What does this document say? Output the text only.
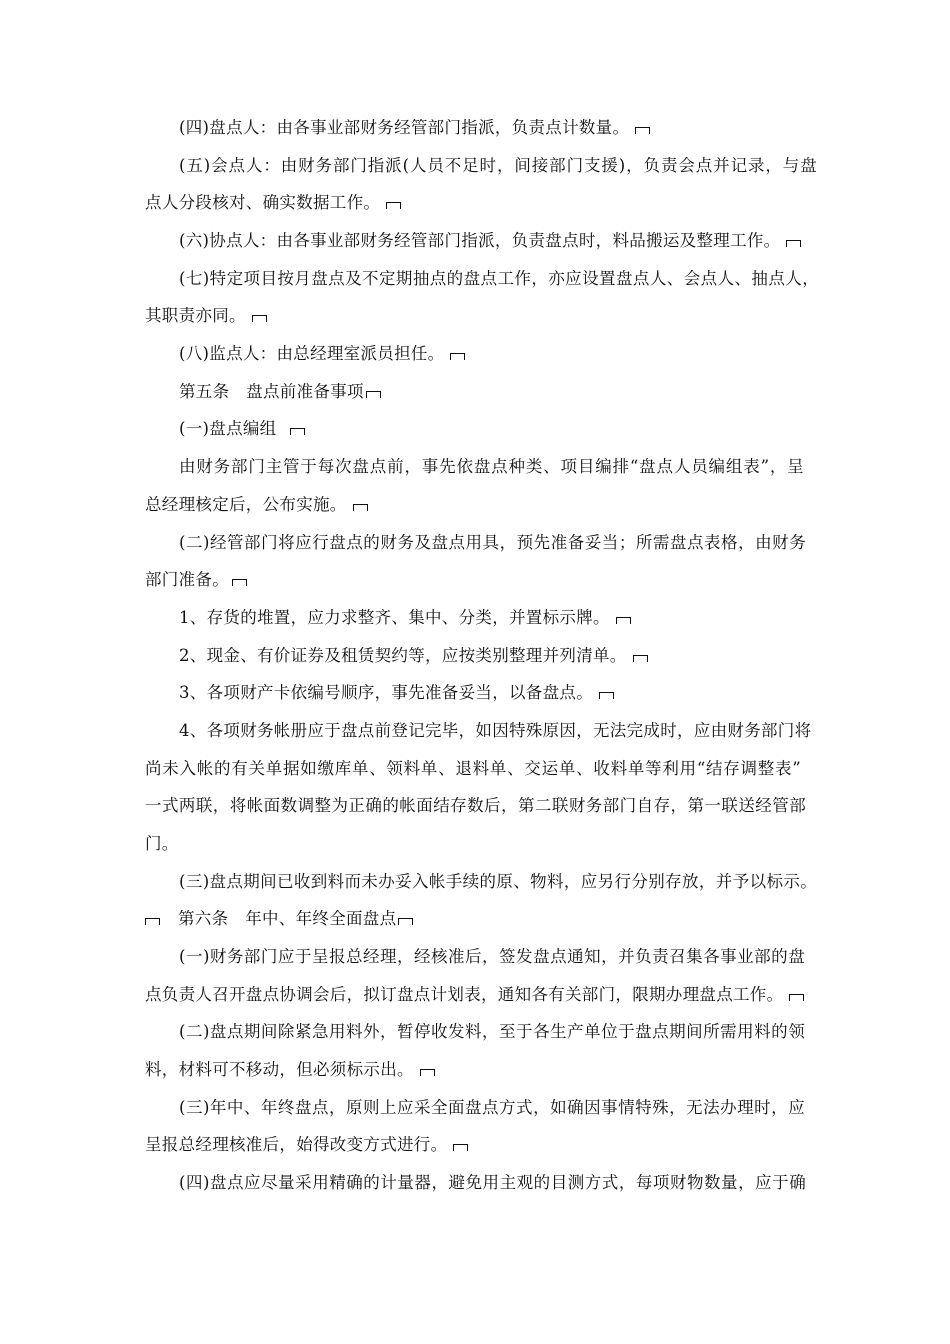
(四)盘点人：由各事业部财务经管部门指派，负责点计数量。
(五)会点人：由财务部门指派(人员不足时，间接部门支援)，负责会点并记录，与盘
点人分段核对、确实数据工作。
(六)协点人：由各事业部财务经管部门指派，负责盘点时，料品搬运及整理工作。
(七)特定项目按月盘点及不定期抽点的盘点工作，亦应设置盘点人、会点人、抽点人，
其职责亦同。
(八)监点人：由总经理室派员担任。
第五条　盘点前准备事项
(一)盘点编组
由财务部门主管于每次盘点前，事先依盘点种类、项目编排“盘点人员编组表”，呈
总经理核定后，公布实施。
(二)经管部门将应行盘点的财务及盘点用具，预先准备妥当；所需盘点表格，由财务
部门准备。
1、存货的堆置，应力求整齐、集中、分类，并置标示牌。
2、现金、有价证券及租赁契约等，应按类别整理并列清单。
3、各项财产卡依编号顺序，事先准备妥当，以备盘点。
4、各项财务帐册应于盘点前登记完毕，如因特殊原因，无法完成时，应由财务部门将
尚未入帐的有关单据如缴库单、领料单、退料单、交运单、收料单等利用“结存调整表”
一式两联，将帐面数调整为正确的帐面结存数后，第二联财务部门自存，第一联送经管部
门。
(三)盘点期间已收到料而未办妥入帐手续的原、物料，应另行分别存放，并予以标示。
第六条　年中、年终全面盘点
(一)财务部门应于呈报总经理，经核准后，签发盘点通知，并负责召集各事业部的盘
点负责人召开盘点协调会后，拟订盘点计划表，通知各有关部门，限期办理盘点工作。
(二)盘点期间除紧急用料外，暂停收发料，至于各生产单位于盘点期间所需用料的领
料，材料可不移动，但必须标示出。
(三)年中、年终盘点，原则上应采全面盘点方式，如确因事情特殊，无法办理时，应
呈报总经理核准后，始得改变方式进行。
(四)盘点应尽量采用精确的计量器，避免用主观的目测方式，每项财物数量，应于确
